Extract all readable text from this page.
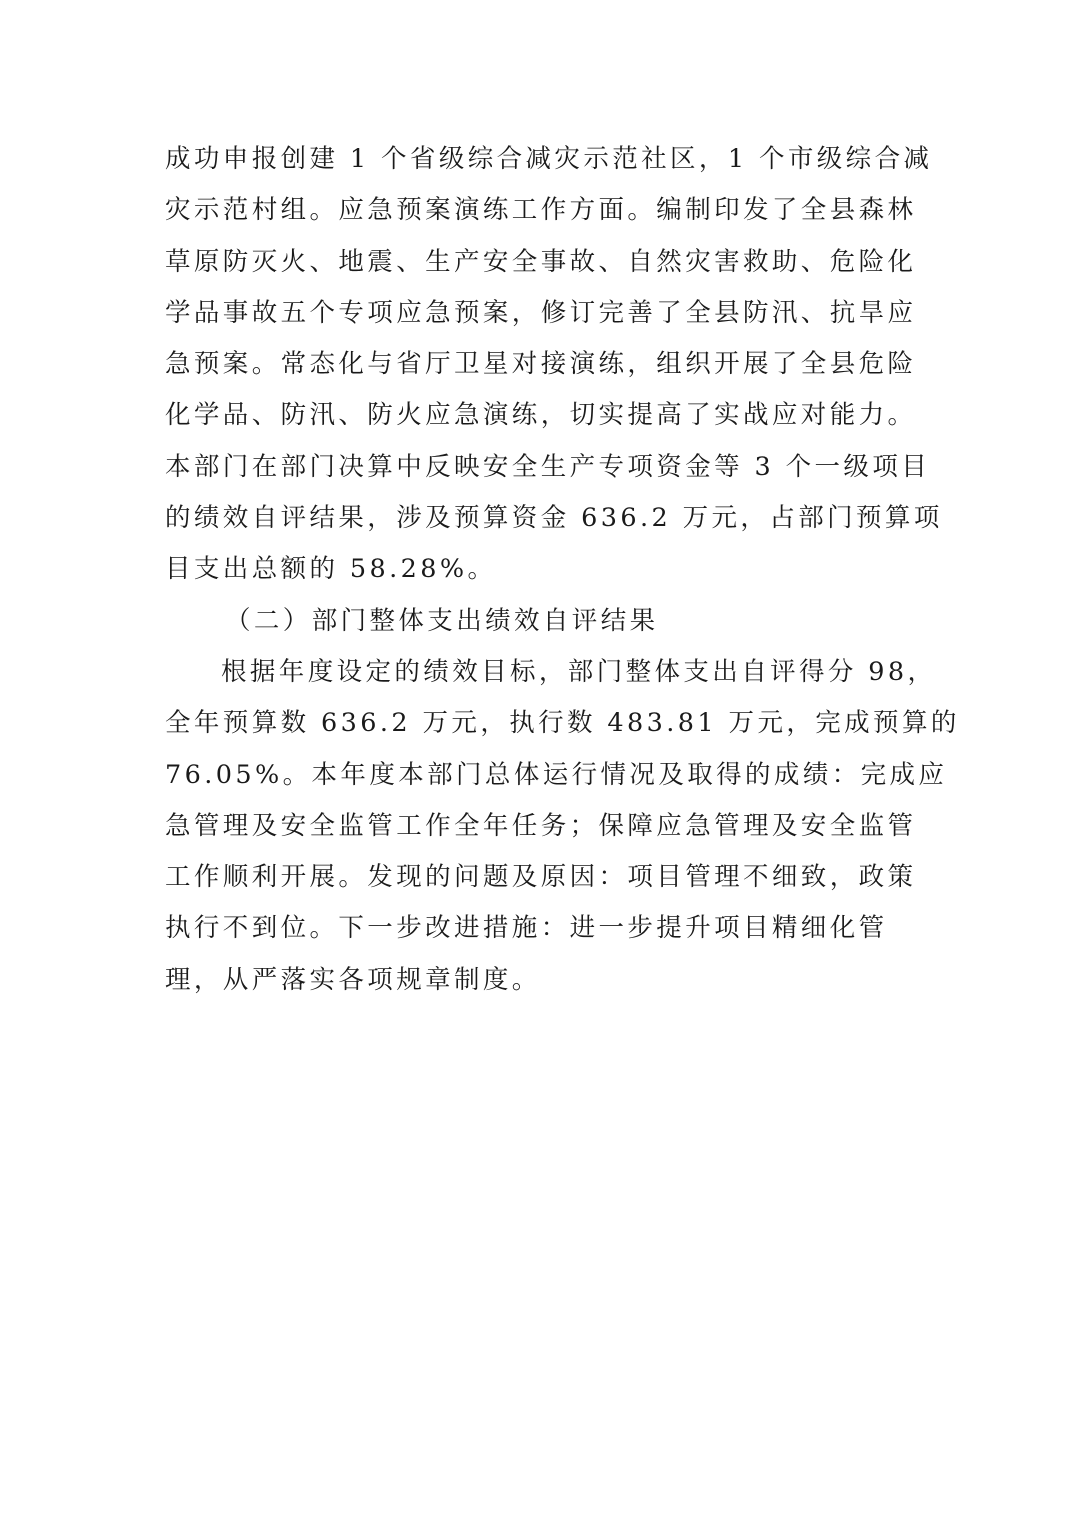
成功申报创建 1 个省级综合减灾示范社区，1 个市级综合减
灾示范村组。应急预案演练工作方面。编制印发了全县森林
草原防灭火、地震、生产安全事故、自然灾害救助、危险化
学品事故五个专项应急预案，修订完善了全县防汛、抗旱应
急预案。常态化与省厅卫星对接演练，组织开展了全县危险
化学品、防汛、防火应急演练，切实提高了实战应对能力。
本部门在部门决算中反映安全生产专项资金等 3 个一级项目
的绩效自评结果，涉及预算资金 636.2 万元，占部门预算项
目支出总额的 58.28%。
（二）部门整体支出绩效自评结果
根据年度设定的绩效目标，部门整体支出自评得分 98，
全年预算数 636.2 万元，执行数 483.81 万元，完成预算的
76.05%。本年度本部门总体运行情况及取得的成绩：完成应
急管理及安全监管工作全年任务；保障应急管理及安全监管
工作顺利开展。发现的问题及原因：项目管理不细致，政策
执行不到位。下一步改进措施：进一步提升项目精细化管
理，从严落实各项规章制度。
